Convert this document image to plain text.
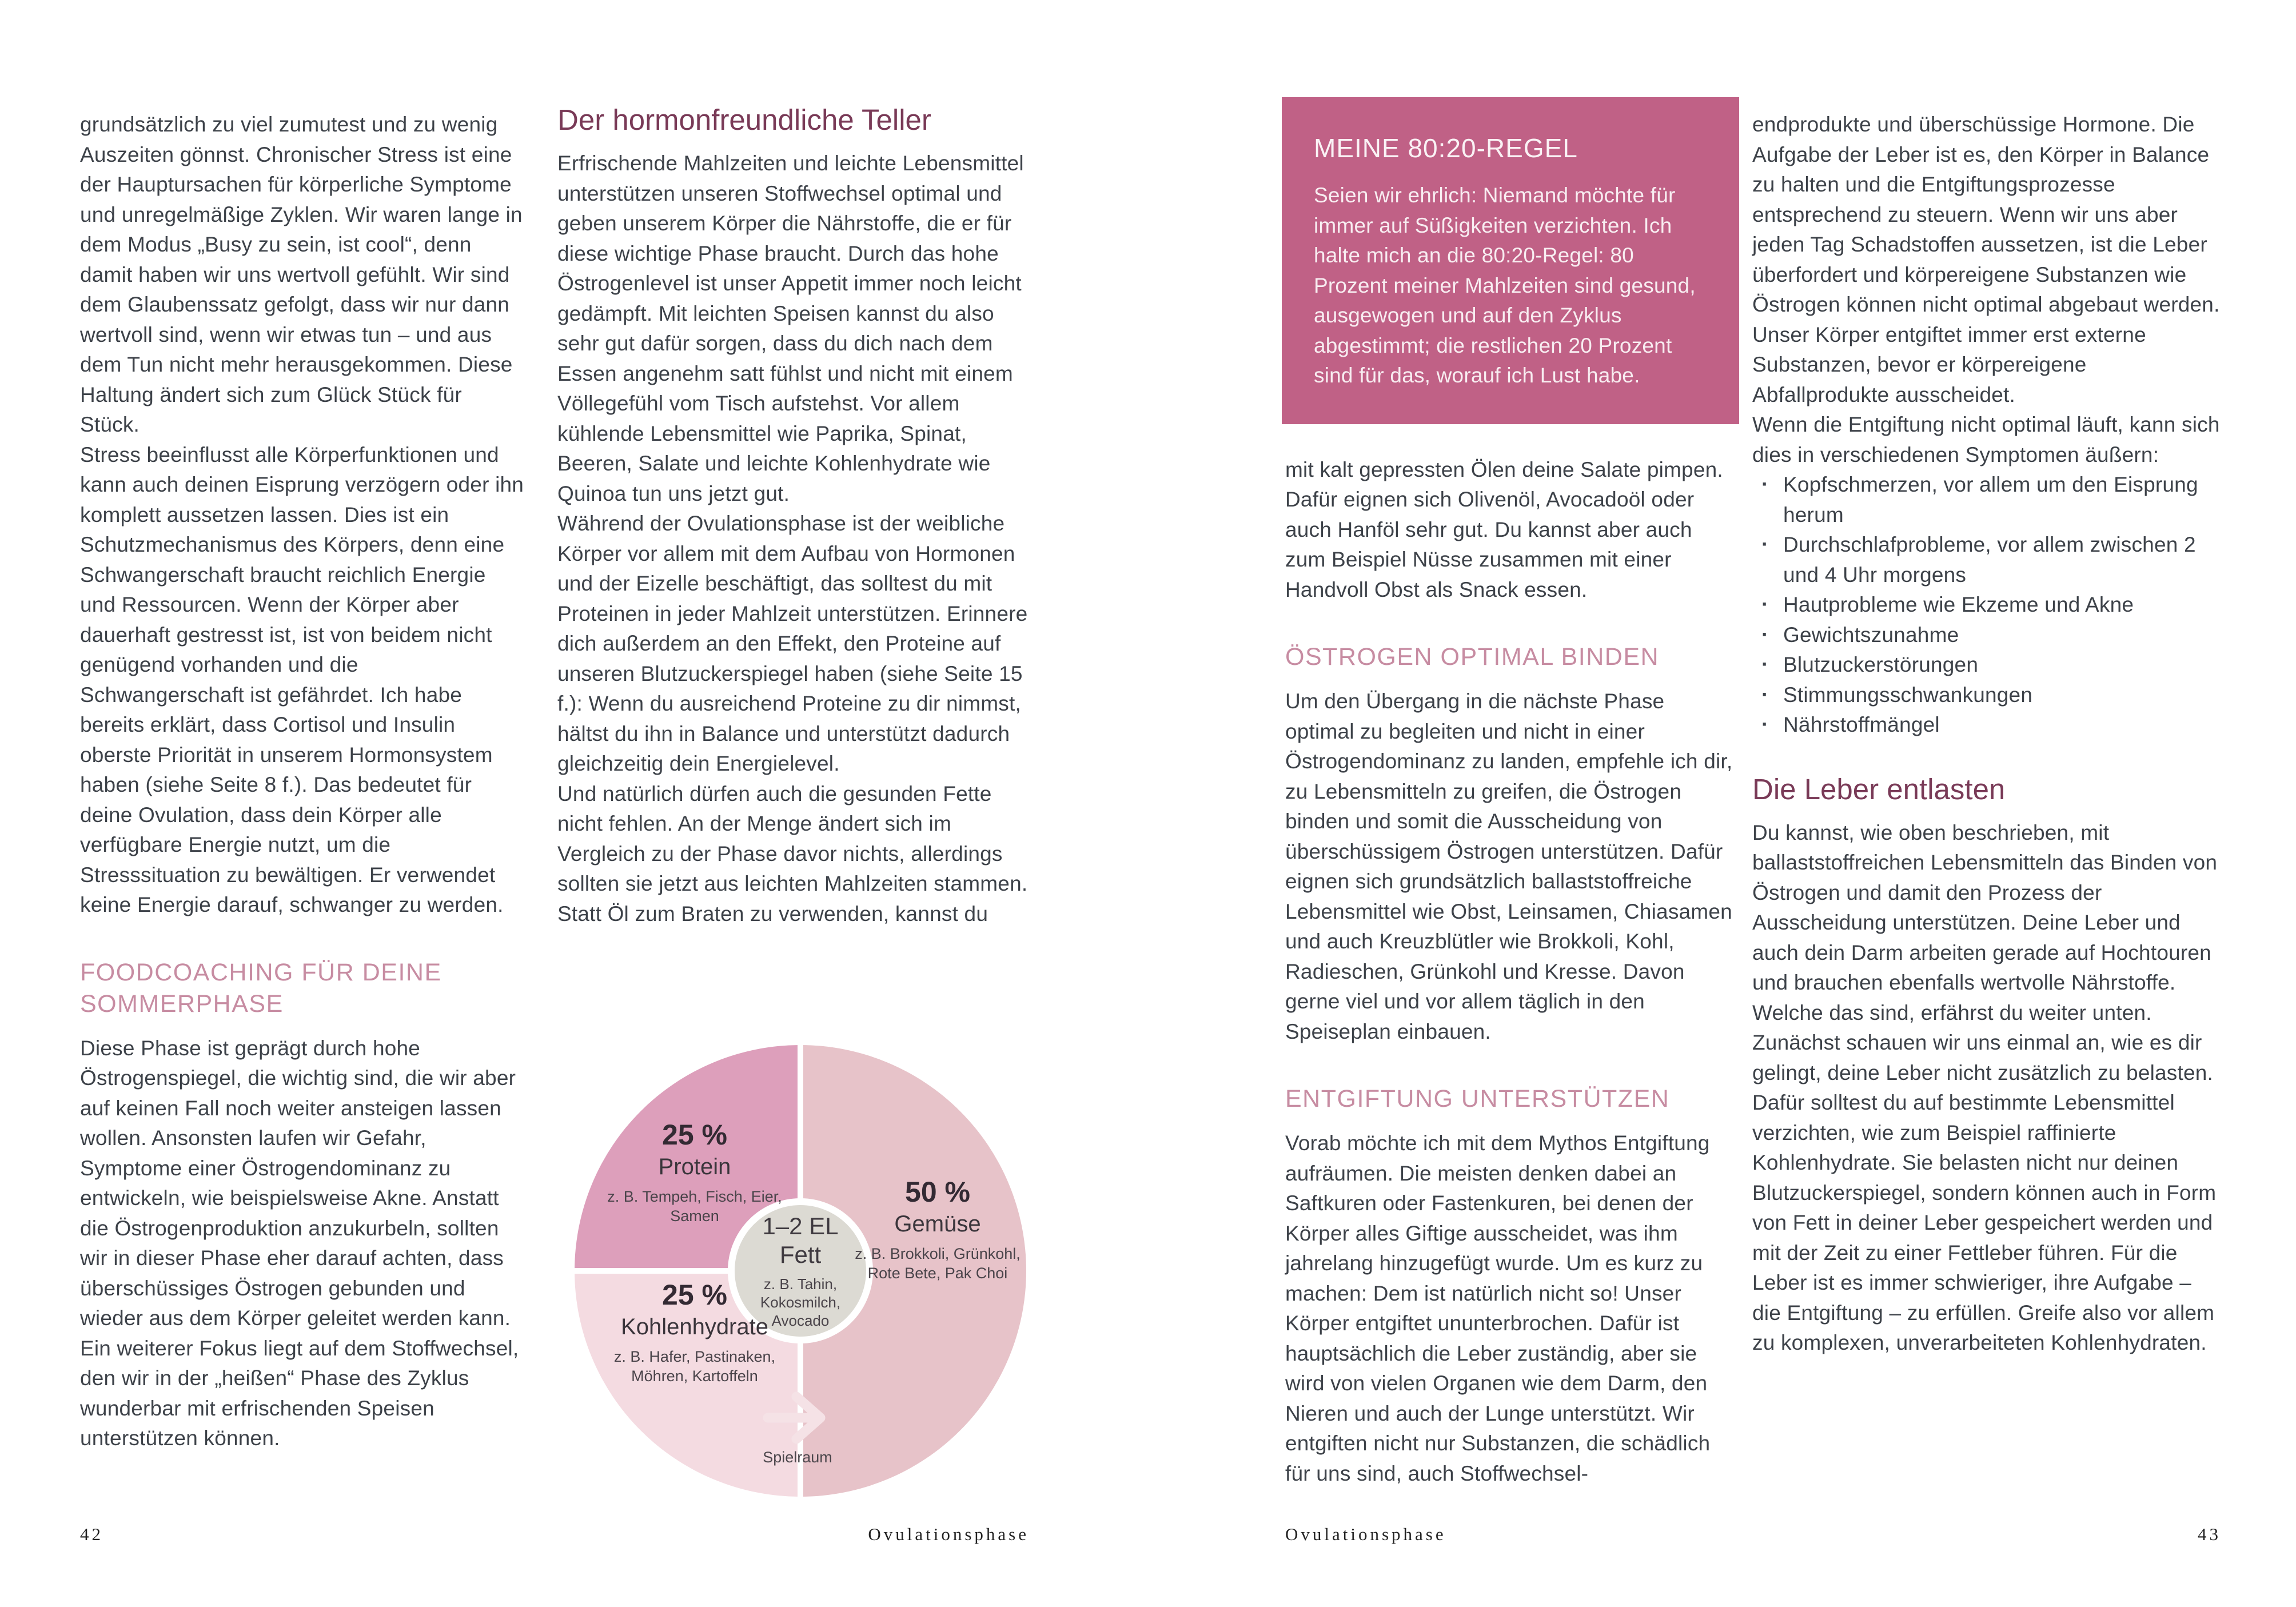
grundsätzlich zu viel zumutest und zu wenig Auszeiten gönnst. Chronischer Stress ist eine der Hauptursachen für körperliche Symptome und unregelmäßige Zyklen. Wir waren lange in dem Modus „Busy zu sein, ist cool“, denn damit haben wir uns wertvoll gefühlt. Wir sind dem Glaubenssatz gefolgt, dass wir nur dann wertvoll sind, wenn wir etwas tun – und aus dem Tun nicht mehr herausgekommen. Diese Haltung ändert sich zum Glück Stück für Stück.

Stress beeinflusst alle Körperfunktionen und kann auch deinen Eisprung verzögern oder ihn komplett aussetzen lassen. Dies ist ein Schutzmechanismus des Körpers, denn eine Schwangerschaft braucht reichlich Energie und Ressourcen. Wenn der Körper aber dauerhaft gestresst ist, ist von beidem nicht genügend vorhanden und die Schwangerschaft ist gefährdet. Ich habe bereits erklärt, dass Cortisol und Insulin oberste Priorität in unserem Hormonsystem haben (siehe Seite 8 f.). Das bedeutet für deine Ovulation, dass dein Körper alle verfügbare Energie nutzt, um die Stresssituation zu bewältigen. Er verwendet keine Energie darauf, schwanger zu werden.

FOODCOACHING FÜR DEINE SOMMERPHASE

Diese Phase ist geprägt durch hohe Östrogenspiegel, die wichtig sind, die wir aber auf keinen Fall noch weiter ansteigen lassen wollen. Ansonsten laufen wir Gefahr, Symptome einer Östrogendominanz zu entwickeln, wie beispielsweise Akne. Anstatt die Östrogenproduktion anzukurbeln, sollten wir in dieser Phase eher darauf achten, dass überschüssiges Östrogen gebunden und wieder aus dem Körper geleitet werden kann. Ein weiterer Fokus liegt auf dem Stoffwechsel, den wir in der „heißen“ Phase des Zyklus wunderbar mit erfrischenden Speisen unterstützen können.

Der hormonfreundliche Teller

Erfrischende Mahlzeiten und leichte Lebensmittel unterstützen unseren Stoffwechsel optimal und geben unserem Körper die Nährstoffe, die er für diese wichtige Phase braucht. Durch das hohe Östrogenlevel ist unser Appetit immer noch leicht gedämpft. Mit leichten Speisen kannst du also sehr gut dafür sorgen, dass du dich nach dem Essen angenehm satt fühlst und nicht mit einem Völlegefühl vom Tisch aufstehst. Vor allem kühlende Lebensmittel wie Paprika, Spinat, Beeren, Salate und leichte Kohlenhydrate wie Quinoa tun uns jetzt gut.

Während der Ovulationsphase ist der weibliche Körper vor allem mit dem Aufbau von Hormonen und der Eizelle beschäftigt, das solltest du mit Proteinen in jeder Mahlzeit unterstützen. Erinnere dich außerdem an den Effekt, den Proteine auf unseren Blutzuckerspiegel haben (siehe Seite 15 f.): Wenn du ausreichend Proteine zu dir nimmst, hältst du ihn in Balance und unterstützt dadurch gleichzeitig dein Energielevel.

Und natürlich dürfen auch die gesunden Fette nicht fehlen. An der Menge ändert sich im Vergleich zu der Phase davor nichts, allerdings sollten sie jetzt aus leichten Mahlzeiten stammen. Statt Öl zum Braten zu verwenden, kannst du

25 %
Protein
z. B. Tempeh, Fisch, Eier, Samen
50 %
Gemüse
z. B. Brokkoli, Grünkohl, Rote Bete, Pak Choi
25 %
Kohlenhydrate
z. B. Hafer, Pastinaken, Möhren, Kartoffeln
1–2 EL
Fett
z. B. Tahin, Kokosmilch, Avocado
Spielraum
MEINE 80:20-REGEL

Seien wir ehrlich: Niemand möchte für immer auf Süßigkeiten verzichten. Ich halte mich an die 80:20-Regel: 80 Prozent meiner Mahlzeiten sind gesund, ausgewogen und auf den Zyklus abgestimmt; die restlichen 20 Prozent sind für das, worauf ich Lust habe.

mit kalt gepressten Ölen deine Salate pimpen. Dafür eignen sich Olivenöl, Avocadoöl oder auch Hanföl sehr gut. Du kannst aber auch zum Beispiel Nüsse zusammen mit einer Handvoll Obst als Snack essen.

ÖSTROGEN OPTIMAL BINDEN

Um den Übergang in die nächste Phase optimal zu begleiten und nicht in einer Östrogendominanz zu landen, empfehle ich dir, zu Lebensmitteln zu greifen, die Östrogen binden und somit die Ausscheidung von überschüssigem Östrogen unterstützen. Dafür eignen sich grundsätzlich ballaststoffreiche Lebensmittel wie Obst, Leinsamen, Chiasamen und auch Kreuzblütler wie Brokkoli, Kohl, Radieschen, Grünkohl und Kresse. Davon gerne viel und vor allem täglich in den Speiseplan einbauen.

ENTGIFTUNG UNTERSTÜTZEN

Vorab möchte ich mit dem Mythos Entgiftung aufräumen. Die meisten denken dabei an Saftkuren oder Fastenkuren, bei denen der Körper alles Giftige ausscheidet, was ihm jahrelang hinzugefügt wurde. Um es kurz zu machen: Dem ist natürlich nicht so! Unser Körper entgiftet ununterbrochen. Dafür ist hauptsächlich die Leber zuständig, aber sie wird von vielen Organen wie dem Darm, den Nieren und auch der Lunge unterstützt. Wir entgiften nicht nur Substanzen, die schädlich für uns sind, auch Stoffwechsel-

endprodukte und überschüssige Hormone. Die Aufgabe der Leber ist es, den Körper in Balance zu halten und die Entgiftungsprozesse entsprechend zu steuern. Wenn wir uns aber jeden Tag Schadstoffen aussetzen, ist die Leber überfordert und körpereigene Substanzen wie Östrogen können nicht optimal abgebaut werden. Unser Körper entgiftet immer erst externe Substanzen, bevor er körpereigene Abfallprodukte ausscheidet.

Wenn die Entgiftung nicht optimal läuft, kann sich dies in verschiedenen Symptomen äußern:

· Kopfschmerzen, vor allem um den Eisprung herum
· Durchschlafprobleme, vor allem zwischen 2 und 4 Uhr morgens
· Hautprobleme wie Ekzeme und Akne
· Gewichtszunahme
· Blutzuckerstörungen
· Stimmungsschwankungen
· Nährstoffmängel
Die Leber entlasten

Du kannst, wie oben beschrieben, mit ballaststoffreichen Lebensmitteln das Binden von Östrogen und damit den Prozess der Ausscheidung unterstützen. Deine Leber und auch dein Darm arbeiten gerade auf Hochtouren und brauchen ebenfalls wertvolle Nährstoffe. Welche das sind, erfährst du weiter unten. Zunächst schauen wir uns einmal an, wie es dir gelingt, deine Leber nicht zusätzlich zu belasten. Dafür solltest du auf bestimmte Lebensmittel verzichten, wie zum Beispiel raffinierte Kohlenhydrate. Sie belasten nicht nur deinen Blutzuckerspiegel, sondern können auch in Form von Fett in deiner Leber gespeichert werden und mit der Zeit zu einer Fettleber führen. Für die Leber ist es immer schwieriger, ihre Aufgabe – die Entgiftung – zu erfüllen. Greife also vor allem zu komplexen, unverarbeiteten Kohlenhydraten.

42	Ovulationsphase	Ovulationsphase	43
